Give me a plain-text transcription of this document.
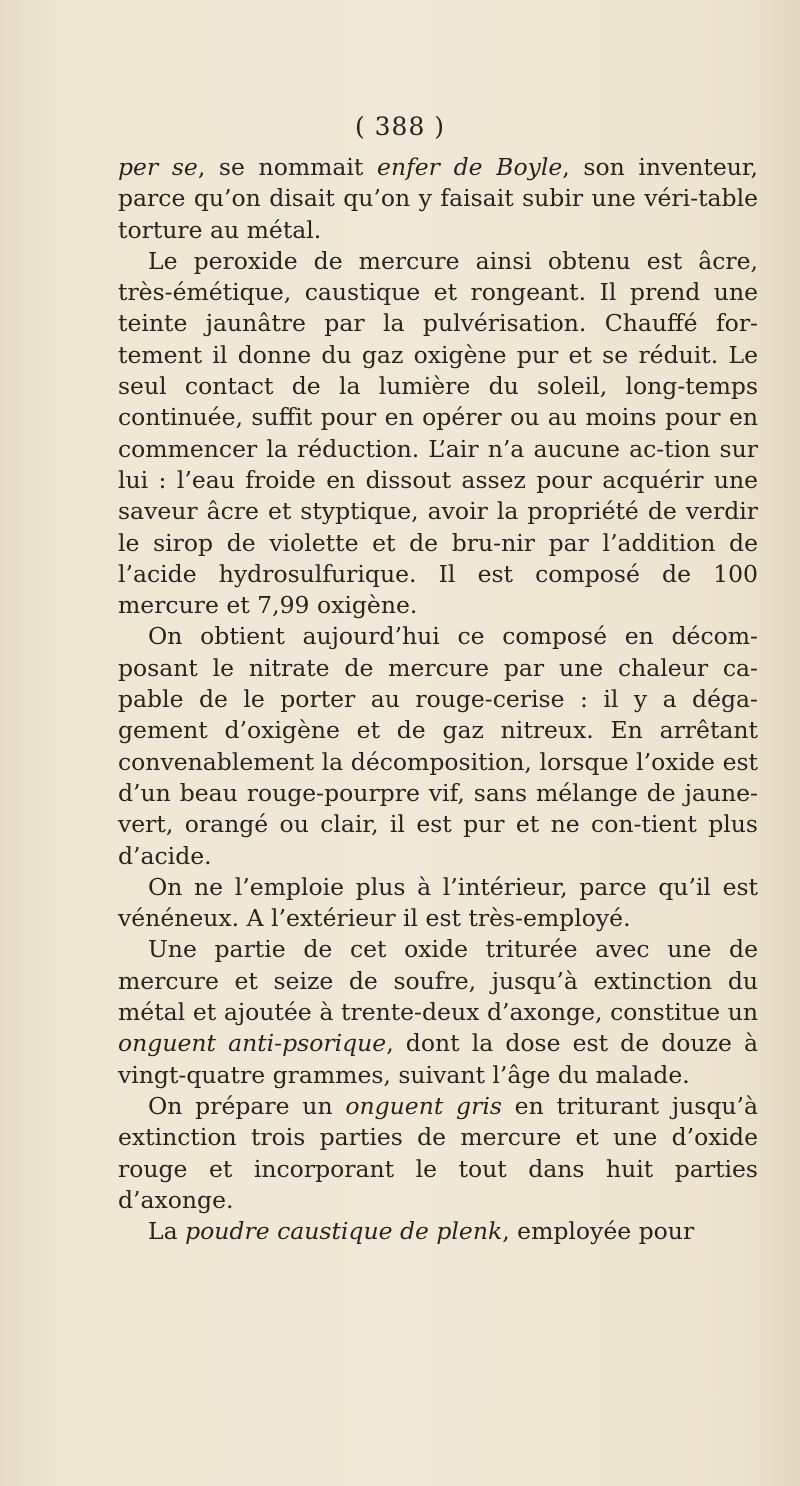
( 388 )

per se, se nommait enfer de Boyle, son inventeur, parce qu’on disait qu’on y faisait subir une véri-table torture au métal.

Le peroxide de mercure ainsi obtenu est âcre, très-émétique, caustique et rongeant. Il prend une teinte jaunâtre par la pulvérisation. Chauffé for-tement il donne du gaz oxigène pur et se réduit. Le seul contact de la lumière du soleil, long-temps continuée, suffit pour en opérer ou au moins pour en commencer la réduction. L’air n’a aucune ac-tion sur lui : l’eau froide en dissout assez pour acquérir une saveur âcre et styptique, avoir la propriété de verdir le sirop de violette et de bru-nir par l’addition de l’acide hydrosulfurique. Il est composé de 100 mercure et 7,99 oxigène.

On obtient aujourd’hui ce composé en décom-posant le nitrate de mercure par une chaleur ca-pable de le porter au rouge-cerise : il y a déga-gement d’oxigène et de gaz nitreux. En arrêtant convenablement la décomposition, lorsque l’oxide est d’un beau rouge-pourpre vif, sans mélange de jaune-vert, orangé ou clair, il est pur et ne con-tient plus d’acide.

On ne l’emploie plus à l’intérieur, parce qu’il est vénéneux. A l’extérieur il est très-employé.

Une partie de cet oxide triturée avec une de mercure et seize de soufre, jusqu’à extinction du métal et ajoutée à trente-deux d’axonge, constitue un onguent anti-psorique, dont la dose est de douze à vingt-quatre grammes, suivant l’âge du malade.

On prépare un onguent gris en triturant jusqu’à extinction trois parties de mercure et une d’oxide rouge et incorporant le tout dans huit parties d’axonge.

La poudre caustique de plenk, employée pour
